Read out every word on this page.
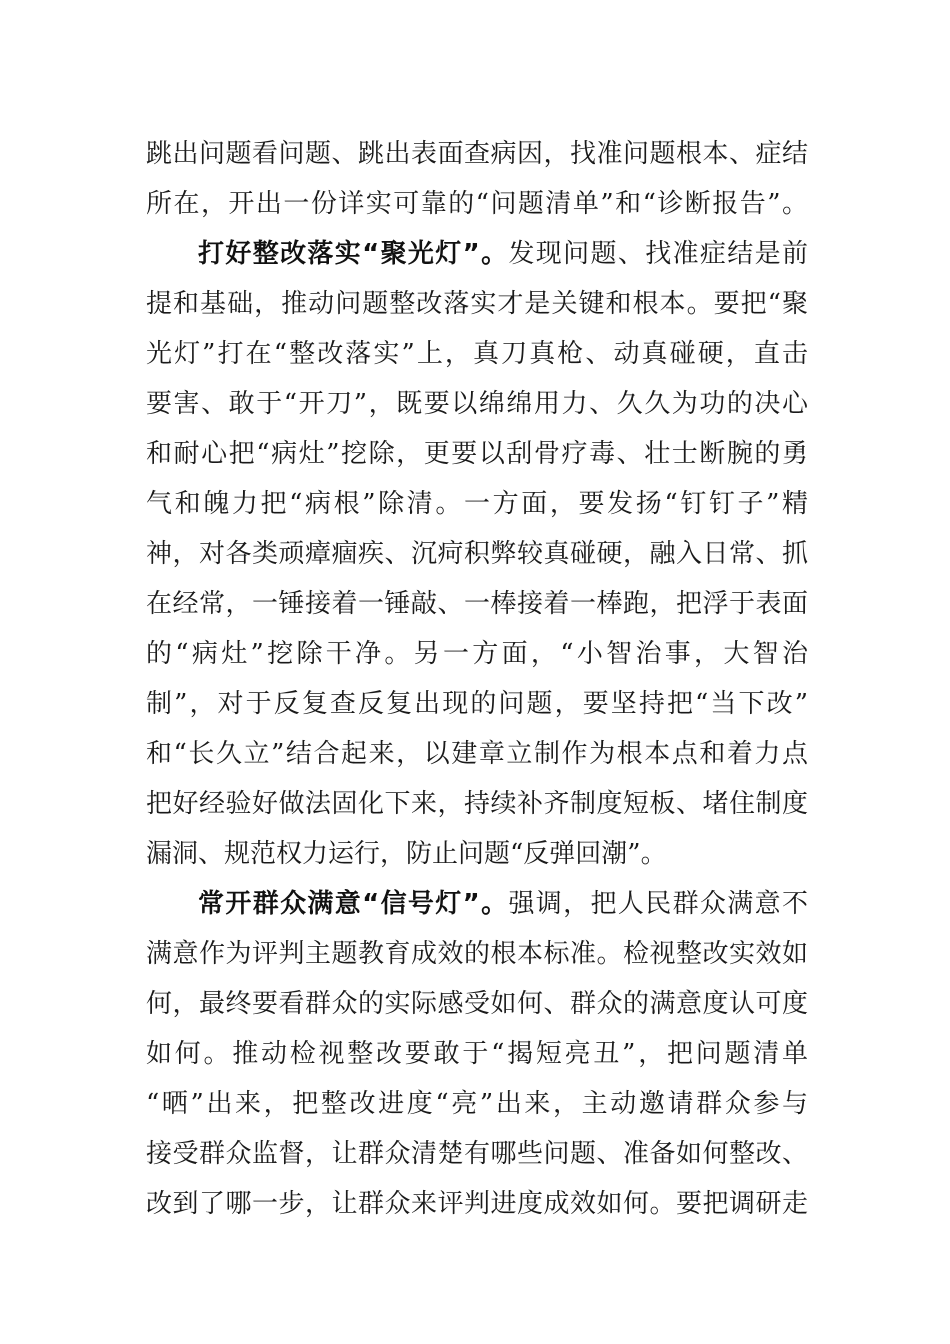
跳出问题看问题、跳出表面查病因，找准问题根本、症结
所在，开出一份详实可靠的“问题清单”和“诊断报告”。
打好整改落实“聚光灯”。发现问题、找准症结是前
提和基础，推动问题整改落实才是关键和根本。要把“聚
光灯”打在“整改落实”上，真刀真枪、动真碰硬，直击
要害、敢于“开刀”，既要以绵绵用力、久久为功的决心
和耐心把“病灶”挖除，更要以刮骨疗毒、壮士断腕的勇
气和魄力把“病根”除清。一方面，要发扬“钉钉子”精
神，对各类顽瘴痼疾、沉疴积弊较真碰硬，融入日常、抓
在经常，一锤接着一锤敲、一棒接着一棒跑，把浮于表面
的“病灶”挖除干净。另一方面，“小智治事，大智治
制”，对于反复查反复出现的问题，要坚持把“当下改”
和“长久立”结合起来，以建章立制作为根本点和着力点
把好经验好做法固化下来，持续补齐制度短板、堵住制度
漏洞、规范权力运行，防止问题“反弹回潮”。
常开群众满意“信号灯”。强调，把人民群众满意不
满意作为评判主题教育成效的根本标准。检视整改实效如
何，最终要看群众的实际感受如何、群众的满意度认可度
如何。推动检视整改要敢于“揭短亮丑”，把问题清单
“晒”出来，把整改进度“亮”出来，主动邀请群众参与
接受群众监督，让群众清楚有哪些问题、准备如何整改、
改到了哪一步，让群众来评判进度成效如何。要把调研走
